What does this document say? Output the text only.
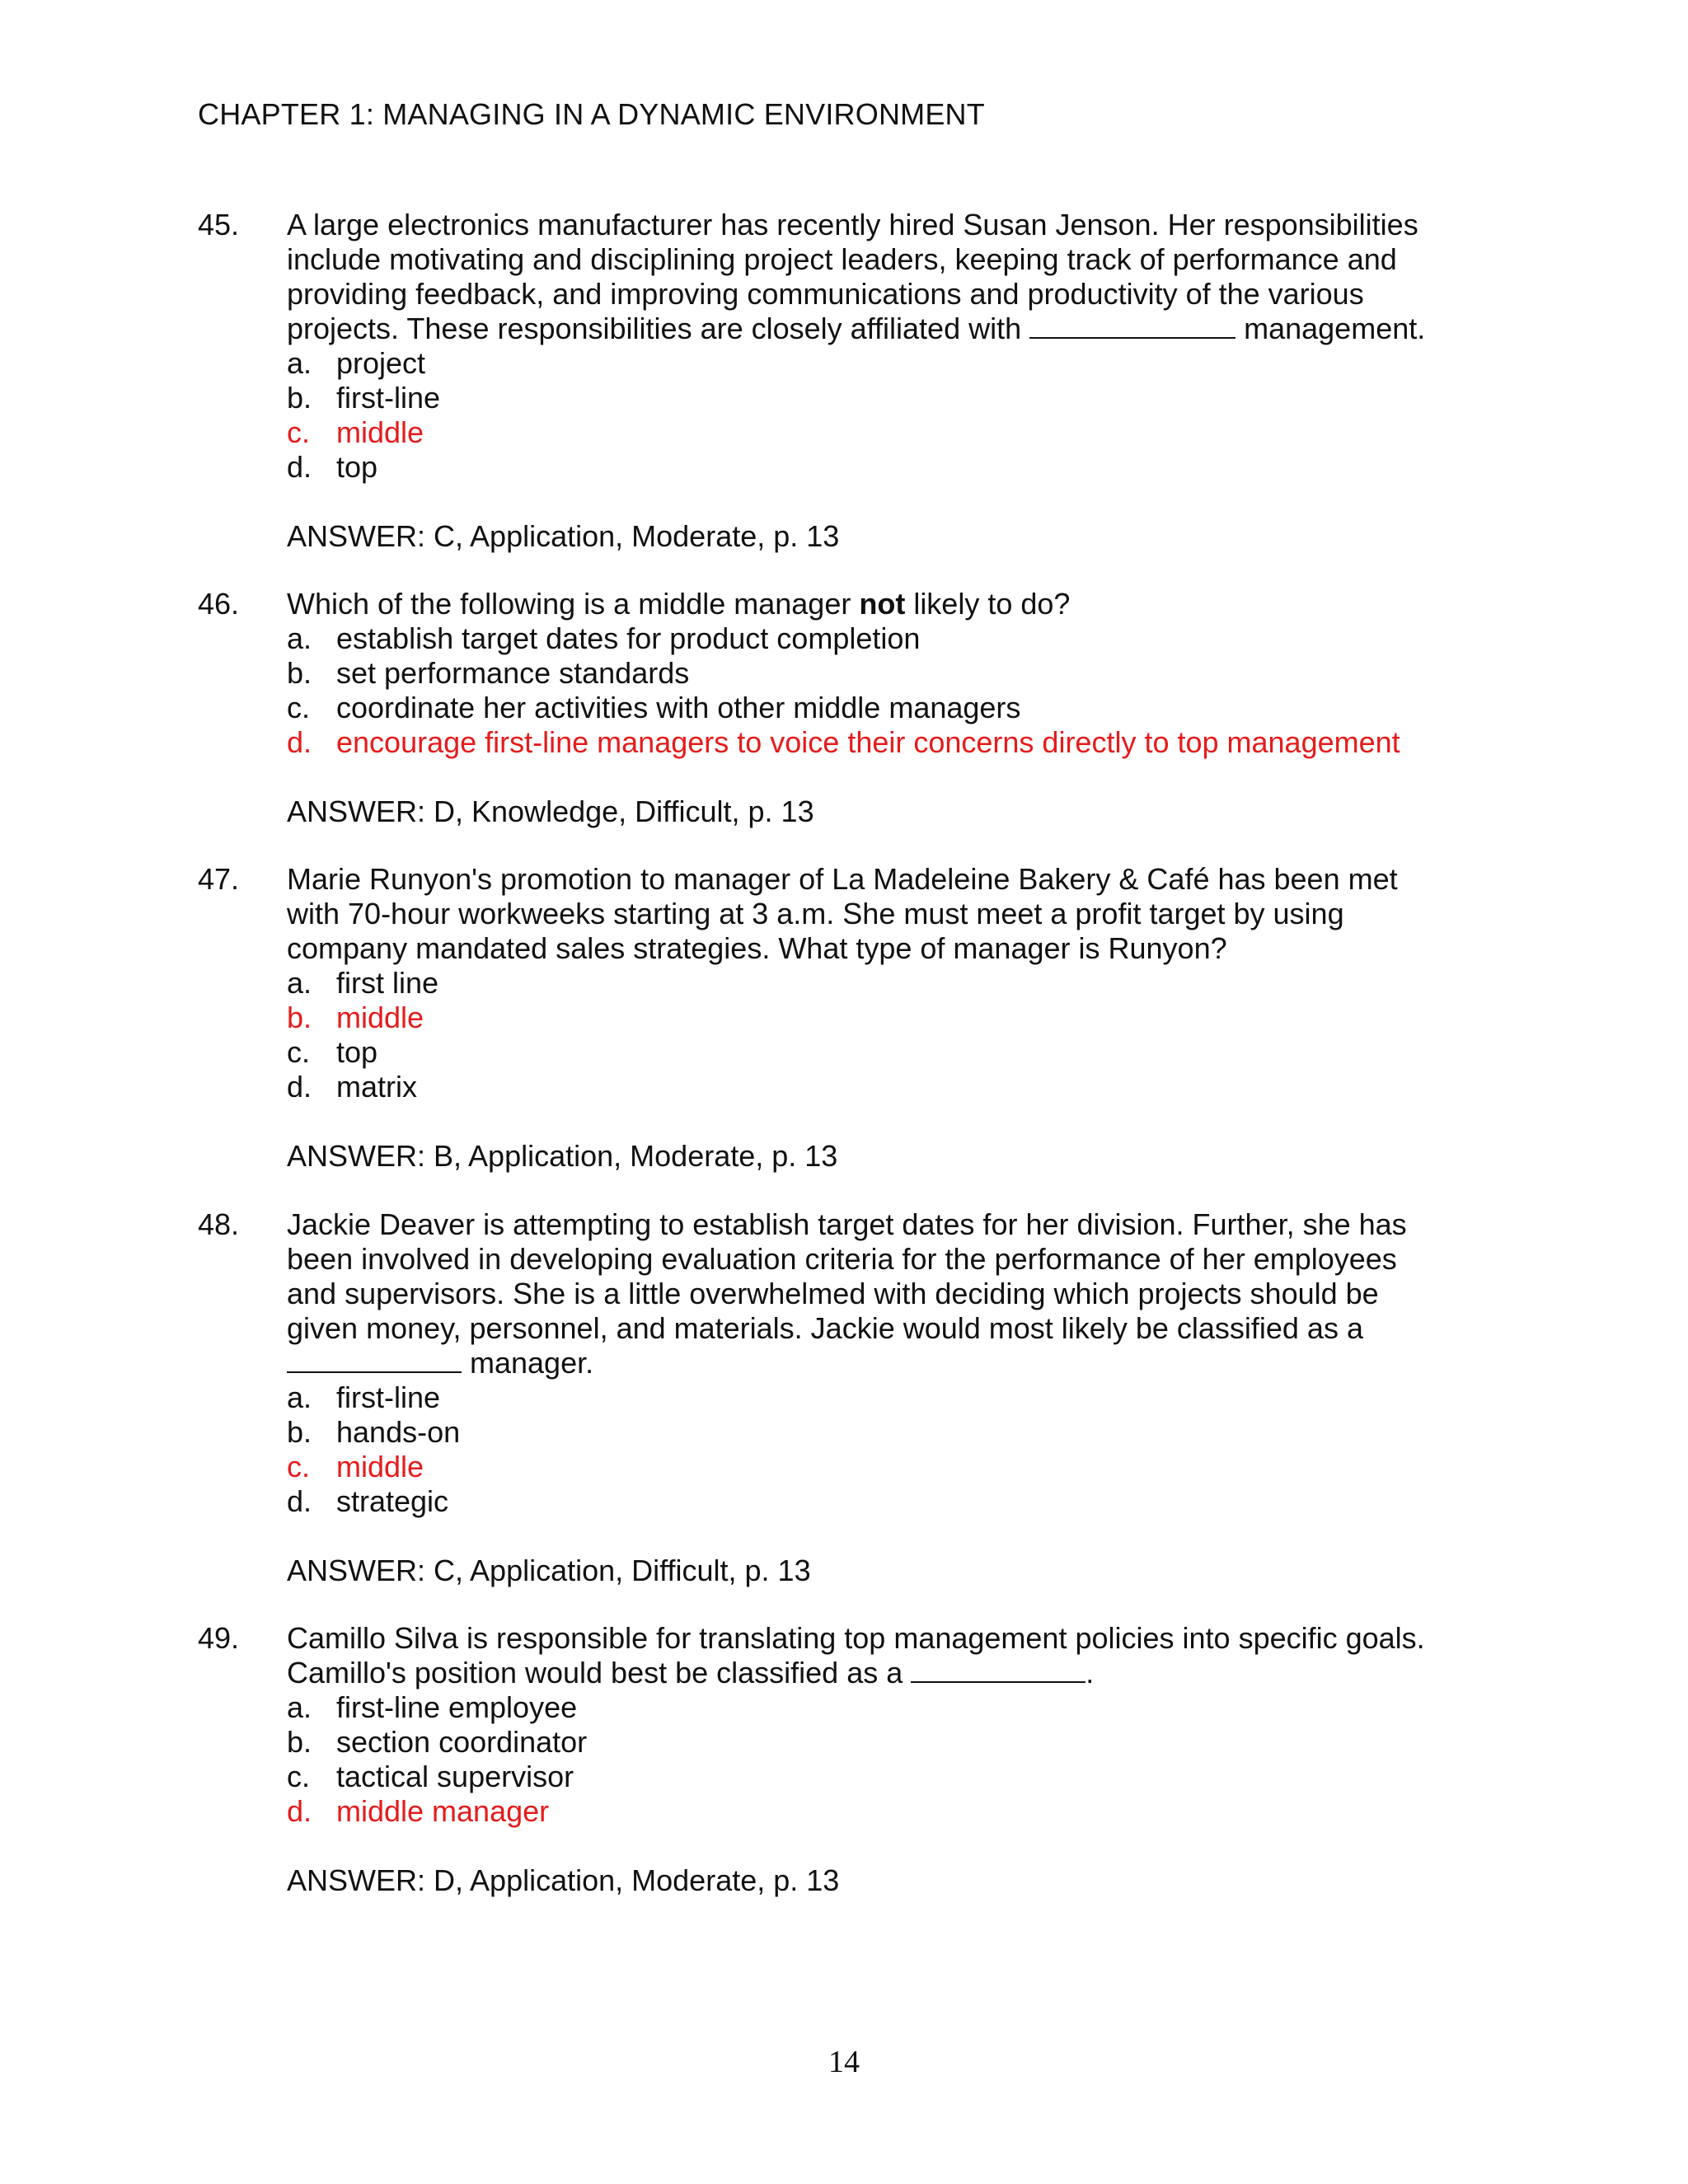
CHAPTER 1: MANAGING IN A DYNAMIC ENVIRONMENT
45. A large electronics manufacturer has recently hired Susan Jenson. Her responsibilities
include motivating and disciplining project leaders, keeping track of performance and
providing feedback, and improving communications and productivity of the various
projects. These responsibilities are closely affiliated with	management.
a. project
b. first-line
c. middle
d. top
ANSWER: C, Application, Moderate, p. 13
46. Which of the following is a middle manager not likely to do?
a. establish target dates for product completion
b. set performance standards
c. coordinate her activities with other middle managers
d. encourage first-line managers to voice their concerns directly to top management
ANSWER: D, Knowledge, Difficult, p. 13
47. Marie Runyon's promotion to manager of La Madeleine Bakery & Café has been met
with 70-hour workweeks starting at 3 a.m. She must meet a profit target by using
company mandated sales strategies. What type of manager is Runyon?
a. first line
b. middle
c. top
d. matrix
ANSWER: B, Application, Moderate, p. 13
48. Jackie Deaver is attempting to establish target dates for her division. Further, she has
been involved in developing evaluation criteria for the performance of her employees
and supervisors. She is a little overwhelmed with deciding which projects should be
given money, personnel, and materials. Jackie would most likely be classified as a
manager.
a. first-line
b. hands-on
c. middle
d. strategic
ANSWER: C, Application, Difficult, p. 13
49. Camillo Silva is responsible for translating top management policies into specific goals.
Camillo's position would best be classified as a	.
a. first-line employee
b. section coordinator
c. tactical supervisor
d. middle manager
ANSWER: D, Application, Moderate, p. 13
14
